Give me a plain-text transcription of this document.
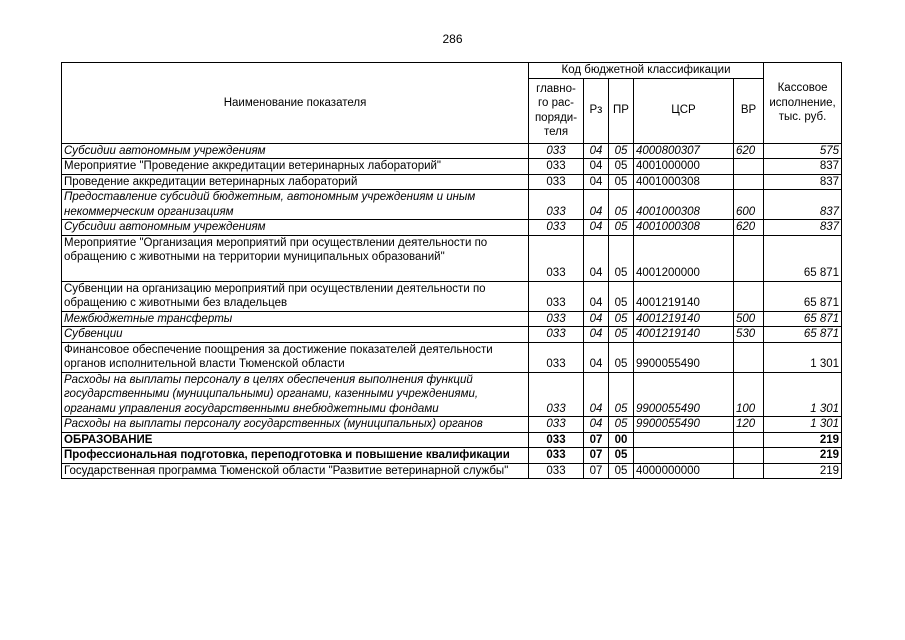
286
Наименование показателя	Код бюджетной классификации					Кассовое исполнение, тыс. руб.
	главно-го рас-поряди-теля	Рз	ПР	ЦСР	ВР	
Субсидии автономным учреждениям	033	04	05	4000800307	620	575
Мероприятие "Проведение аккредитации ветеринарных лабораторий"	033	04	05	4001000000		837
Проведение аккредитации ветеринарных лабораторий	033	04	05	4001000308		837
Предоставление субсидий бюджетным, автономным учреждениям и иным некоммерческим организациям	033	04	05	4001000308	600	837
Субсидии автономным учреждениям	033	04	05	4001000308	620	837
Мероприятие "Организация мероприятий при осуществлении деятельности по обращению с животными на территории муниципальных образований"	033	04	05	4001200000		65 871
Субвенции на организацию мероприятий при осуществлении деятельности по обращению с животными без владельцев	033	04	05	4001219140		65 871
Межбюджетные трансферты	033	04	05	4001219140	500	65 871
Субвенции	033	04	05	4001219140	530	65 871
Финансовое обеспечение поощрения за достижение показателей деятельности органов исполнительной власти Тюменской области	033	04	05	9900055490		1 301
Расходы на выплаты персоналу в целях обеспечения выполнения функций государственными (муниципальными) органами, казенными учреждениями, органами управления государственными внебюджетными фондами	033	04	05	9900055490	100	1 301
Расходы на выплаты персоналу государственных (муниципальных) органов	033	04	05	9900055490	120	1 301
ОБРАЗОВАНИЕ	033	07	00			219
Профессиональная подготовка, переподготовка и повышение квалификации	033	07	05			219
Государственная программа Тюменской области "Развитие ветеринарной службы"	033	07	05	4000000000		219
